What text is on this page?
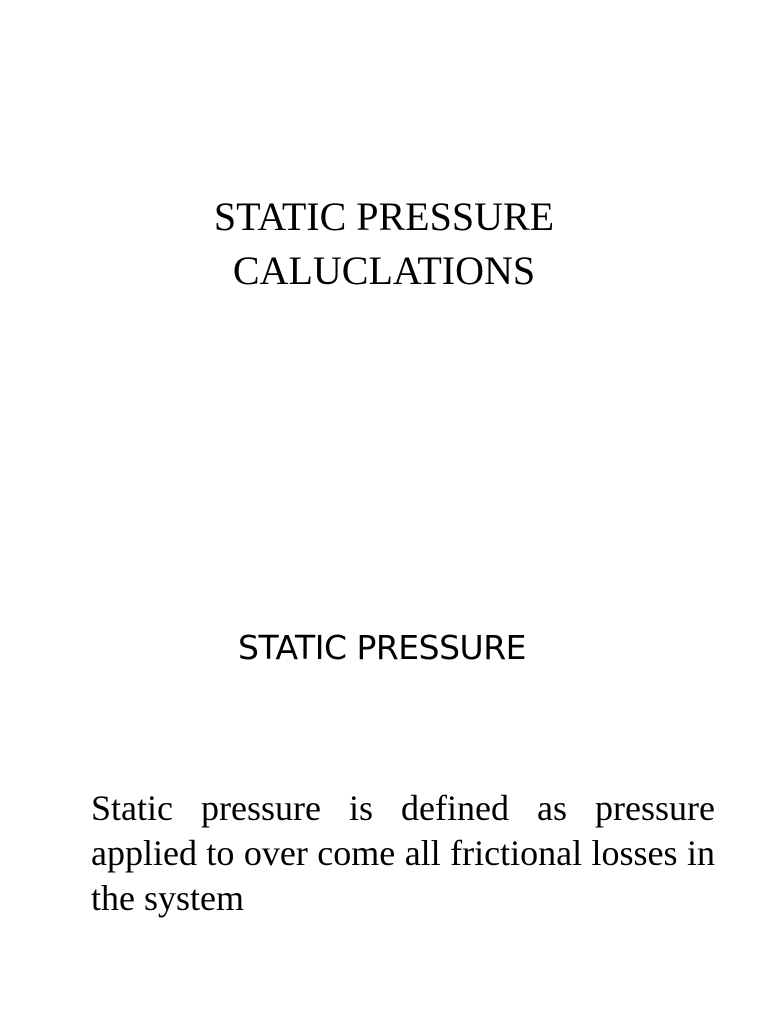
STATIC PRESSURE
CALUCLATIONS
STATIC PRESSURE

Static pressure is defined as pressure applied to over come all frictional losses in the system
